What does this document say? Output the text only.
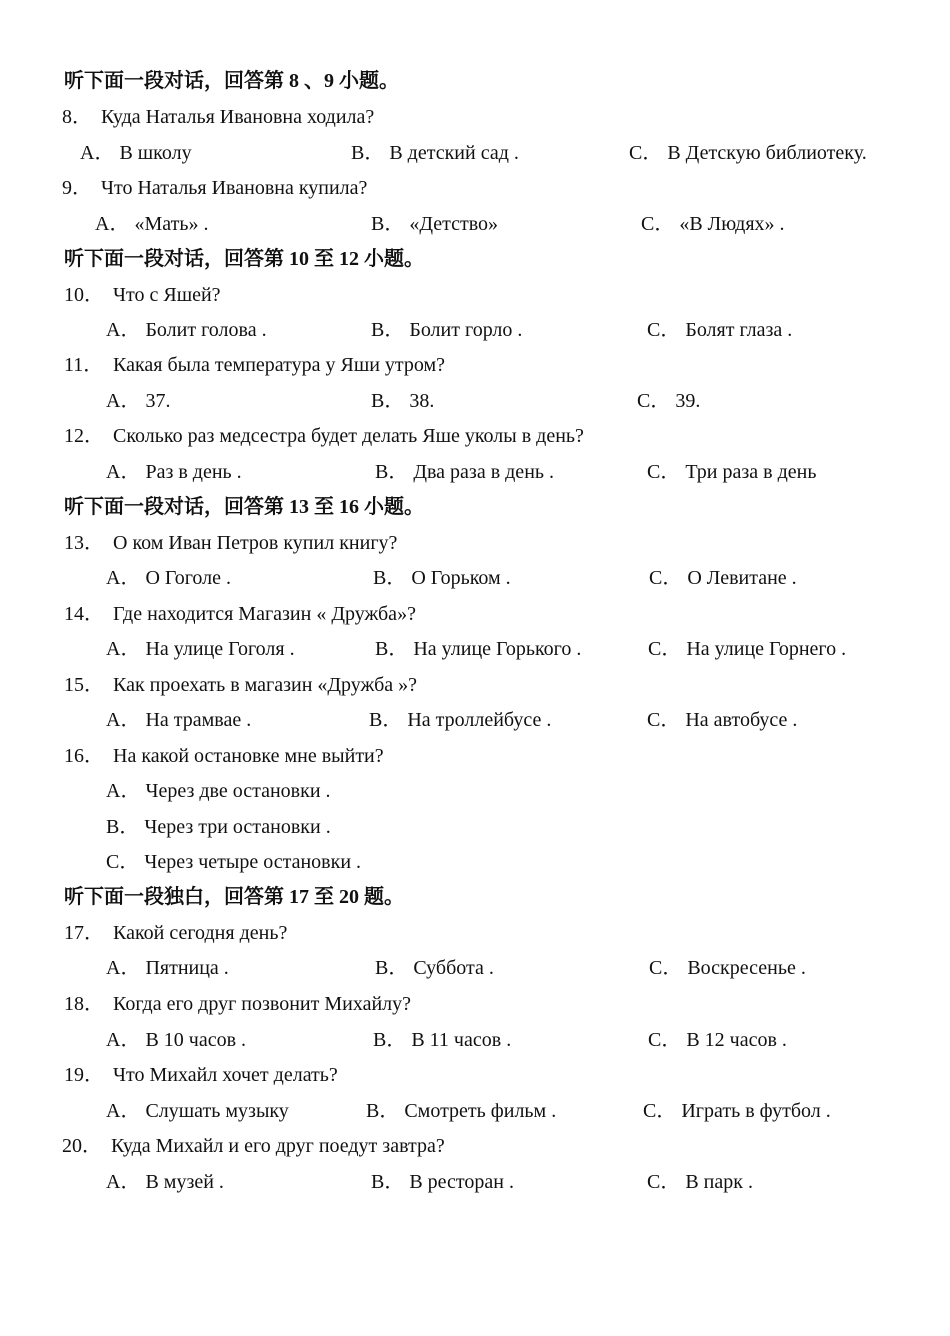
听下面一段对话，回答第 8 、9 小题。
8． Куда Наталья Ивановна ходила?
A． В школу	B． В детский сад .	C． В Детскую библиотеку.
9． Что Наталья Ивановна купила?
A． «Мать» .	B． «Детство»	C． «В Людях» .
听下面一段对话，回答第 10 至 12 小题。
10． Что с Яшей?
A． Болит голова .	B． Болит горло .	C． Болят глаза .
11． Какая была температура у Яши утром?
A． 37.	B． 38.	C． 39.
12． Сколько раз медсестра будет делать Яше уколы в день?
A． Раз в день .	B． Два раза в день .	C． Три раза в день
听下面一段对话，回答第 13 至 16 小题。
13． О ком Иван Петров купил книгу?
A． О Гоголе .	B． О Горьком .	C． О Левитане .
14． Где находится Магазин « Дружба»?
A． На улице Гоголя .	B． На улице Горького .	C． На улице Горнего .
15． Как проехать в магазин «Дружба »?
A． На трамвае .	B． На троллейбусе .	C． На автобусе .
16． На какой остановке мне выйти?
A． Через две остановки .
B． Через три остановки .
C． Через четыре остановки .
听下面一段独白，回答第 17 至 20 题。
17． Какой сегодня день?
A． Пятница .	B． Суббота .	C． Воскресенье .
18． Когда его друг позвонит Михайлу?
A． В 10 часов .	B． В 11 часов .	C． В 12 часов .
19． Что Михайл хочет делать?
A． Слушать музыку	B． Смотреть фильм .	C． Играть в футбол .
20． Куда Михайл и его друг поедут завтра?
A． В музей .	B． В ресторан .	C． В парк .
